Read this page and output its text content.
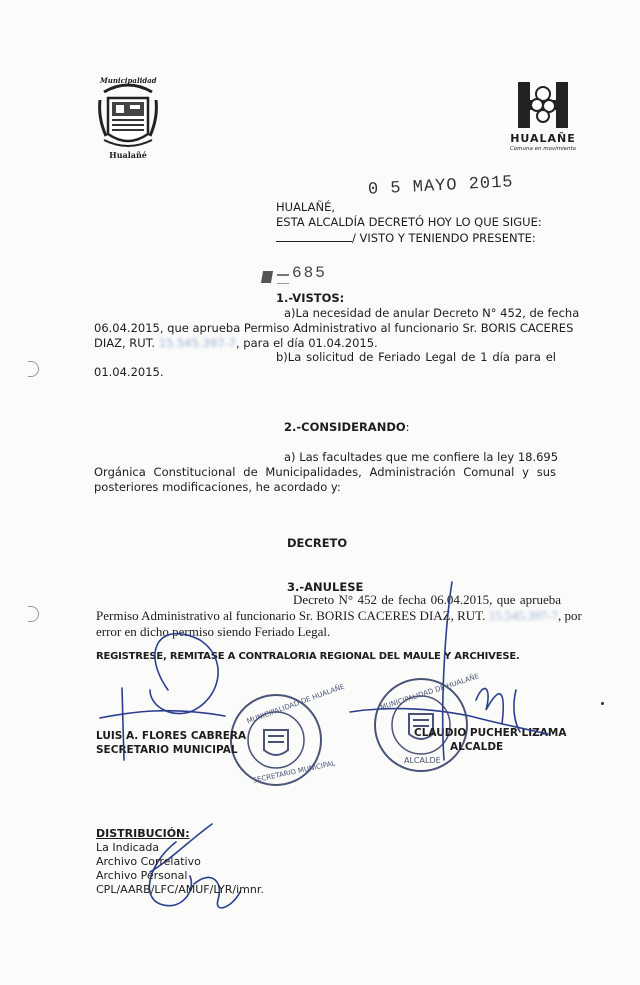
Municipalidad
Hualañé
HUALAÑE
Comuna en movimiento
0 5 MAYO 2015
HUALAÑÉ,
ESTA ALCALDÍA DECRETÓ HOY LO QUE SIGUE:
/ VISTO Y TENIENDO PRESENTE:
685
1.-VISTOS:
a)La necesidad de anular Decreto N° 452, de fecha
06.04.2015, que aprueba Permiso Administrativo al funcionario Sr. BORIS CACERES
DIAZ, RUT. 15.545.397-7, para el día 01.04.2015.
b)La solicitud de Feriado Legal de 1 día para el
01.04.2015.
2.-CONSIDERANDO:
a) Las facultades que me confiere la ley 18.695
Orgánica Constitucional de Municipalidades, Administración Comunal y sus
posteriores modificaciones, he acordado y:
DECRETO
3.-ANULESE
Decreto N° 452 de fecha 06.04.2015, que aprueba
Permiso Administrativo al funcionario Sr. BORIS CACERES DIAZ, RUT. 15.545.397-7, por
error en dicho permiso siendo Feriado Legal.
REGISTRESE, REMITASE A CONTRALORIA REGIONAL DEL MAULE Y ARCHIVESE.
MUNICIPALIDAD DE HUALAÑE
SECRETARIO MUNICIPAL
MUNICIPALIDAD DE HUALAÑE
ALCALDE
LUIS A. FLORES CABRERA
SECRETARIO MUNICIPAL
CLAUDIO PUCHER LIZAMA
ALCALDE
DISTRIBUCIÓN:
La Indicada
Archivo Correlativo
Archivo Personal
CPL/AARB/LFC/AMUF/LYR/imnr.
